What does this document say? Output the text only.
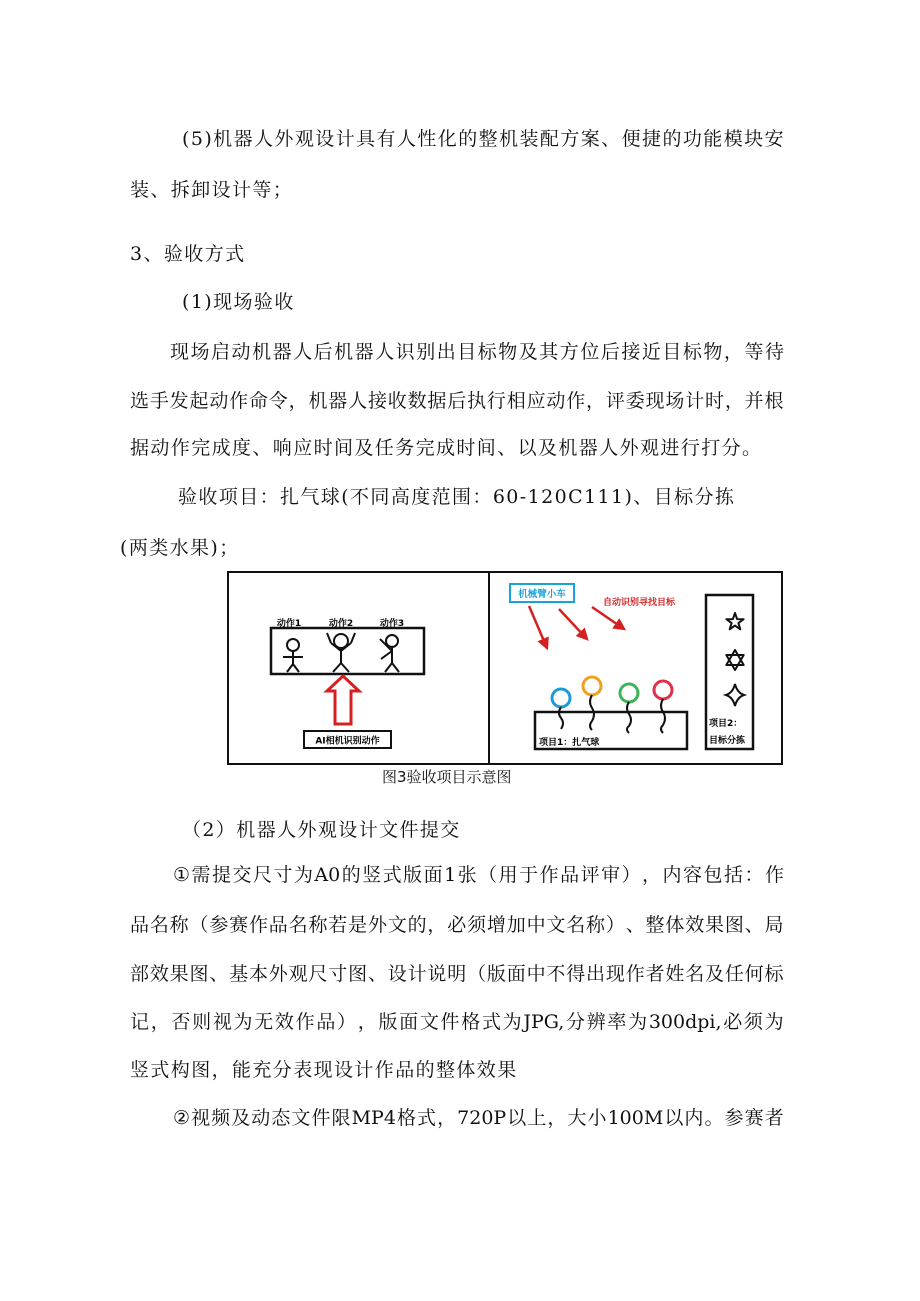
( 5 ) 机 器 人 外 观 设 计 具 有 人 性 化 的 整 机 装 配 方 案 、 便 捷 的 功 能 模 块 安
装、拆卸设计等；
3、验收方式
(1)现场验收
现 场 启 动 机 器 人 后 机 器 人 识 别 出 目 标 物 及 其 方 位 后 接 近 目 标 物 ， 等 待
选 手 发 起 动 作 命 令 ， 机 器 人 接 收 数 据 后 执 行 相 应 动 作 ， 评 委 现 场 计 时 ， 并 根
据动作完成度、响应时间及任务完成时间、以及机器人外观进行打分。
验收项目：扎气球(不同高度范围：60-120C111)、目标分拣
(两类水果)；
动作1	动作2	动作3
AI相机识别动作
机械臂小车
自动识别寻找目标
项目1：扎气球
项目2：
目标分拣
图3验收项目示意图
（2）机器人外观设计文件提交
① 需 提 交 尺 寸 为 A0 的 竖 式 版 面 1 张 （ 用 于 作 品 评 审 ） ， 内 容 包 括 ： 作
品 名 称 （ 参 赛 作 品 名 称 若 是 外 文 的 ， 必 须 增 加 中 文 名 称 ） 、 整 体 效 果 图 、 局
部 效 果 图 、 基 本 外 观 尺 寸 图 、 设 计 说 明 （ 版 面 中 不 得 出 现 作 者 姓 名 及 任 何 标
记 ， 否 则 视 为 无 效 作 品 ） ， 版 面 文 件 格 式 为 JPG, 分 辨 率 为 300dpi, 必 须 为
竖式构图，能充分表现设计作品的整体效果
② 视 频 及 动 态 文 件 限 MP4 格 式 ， 720P 以 上 ， 大 小 100M 以 内 。 参 赛 者
